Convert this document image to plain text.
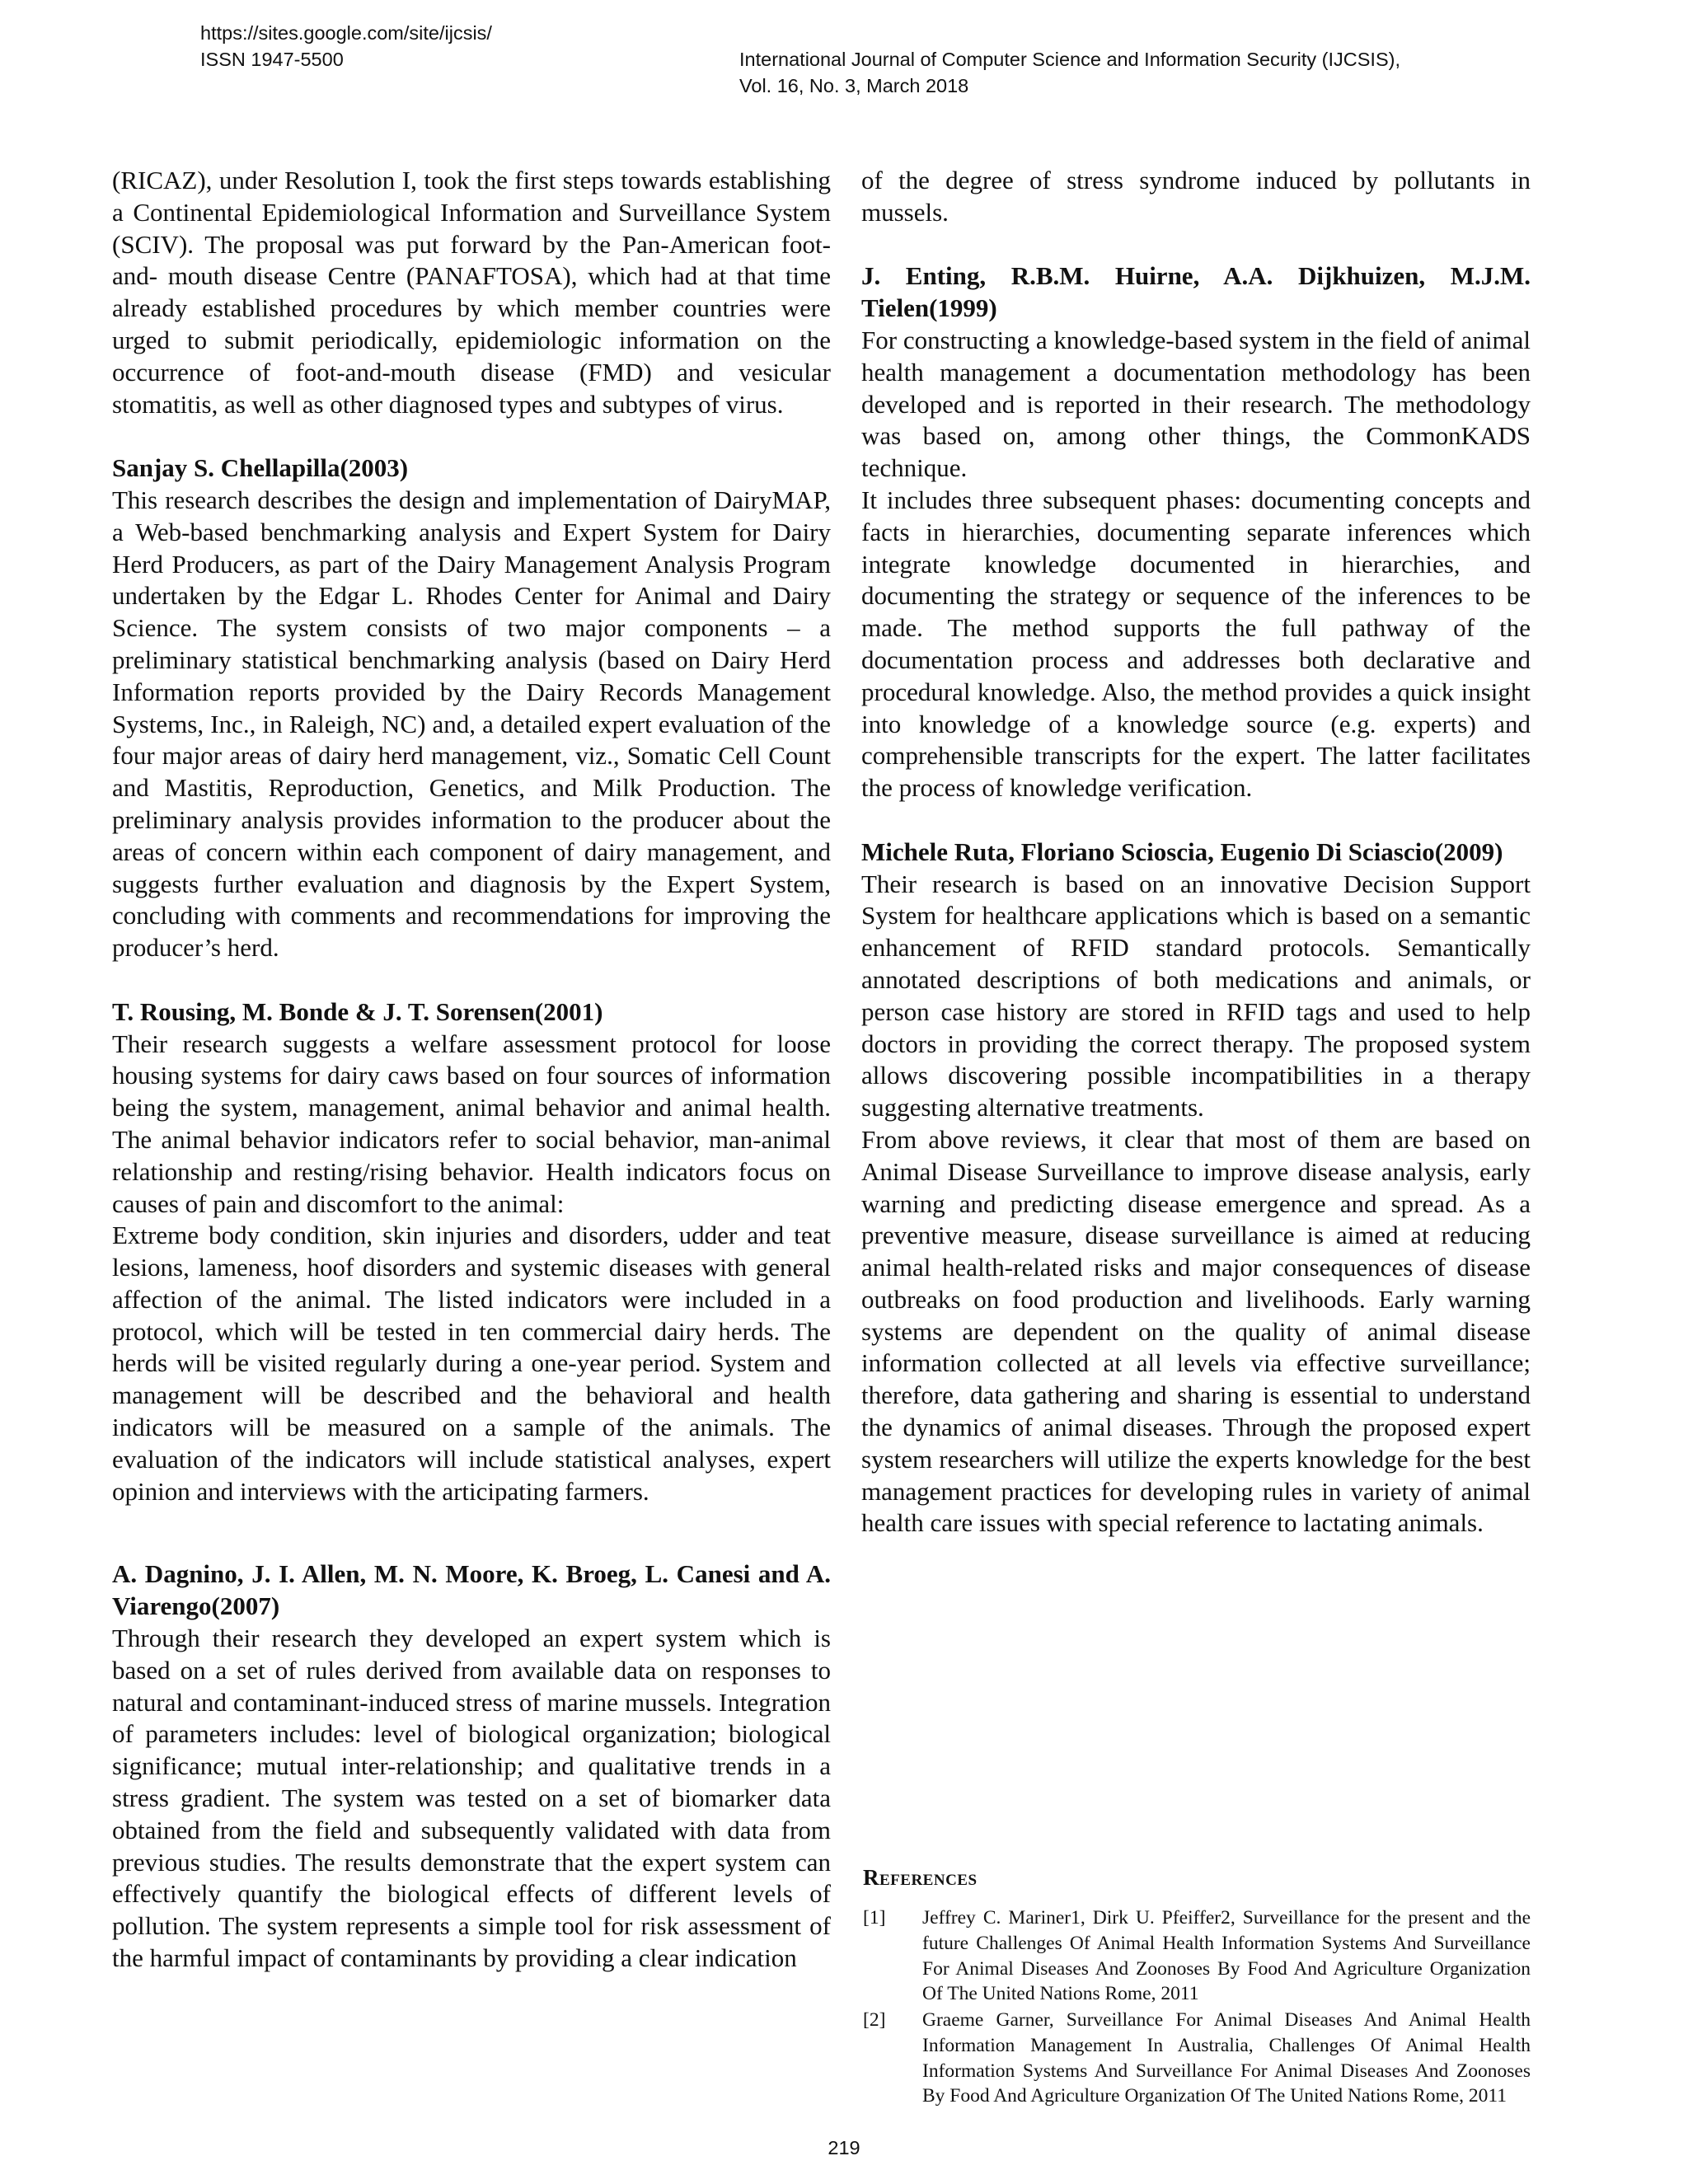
https://sites.google.com/site/ijcsis/
ISSN 1947-5500	International Journal of Computer Science and Information Security (IJCSIS),
Vol. 16, No. 3, March 2018

(RICAZ), under Resolution I, took the first steps towards establishing a Continental Epidemiological Information and Surveillance System (SCIV). The proposal was put forward by the Pan-American foot- and- mouth disease Centre (PANAFTOSA), which had at that time already established procedures by which member countries were urged to submit periodically, epidemiologic information on the occurrence of foot-and-mouth disease (FMD) and vesicular stomatitis, as well as other diagnosed types and subtypes of virus.

Sanjay S. Chellapilla(2003)

This research describes the design and implementation of DairyMAP, a Web-based benchmarking analysis and Expert System for Dairy Herd Producers, as part of the Dairy Management Analysis Program undertaken by the Edgar L. Rhodes Center for Animal and Dairy Science. The system consists of two major components – a preliminary statistical benchmarking analysis (based on Dairy Herd Information reports provided by the Dairy Records Management Systems, Inc., in Raleigh, NC) and, a detailed expert evaluation of the four major areas of dairy herd management, viz., Somatic Cell Count and Mastitis, Reproduction, Genetics, and Milk Production. The preliminary analysis provides information to the producer about the areas of concern within each component of dairy management, and suggests further evaluation and diagnosis by the Expert System, concluding with comments and recommendations for improving the producer’s herd.

T. Rousing, M. Bonde & J. T. Sorensen(2001)

Their research suggests a welfare assessment protocol for loose housing systems for dairy caws based on four sources of information being the system, management, animal behavior and animal health. The animal behavior indicators refer to social behavior, man-animal relationship and resting/rising behavior. Health indicators focus on causes of pain and discomfort to the animal:

Extreme body condition, skin injuries and disorders, udder and teat lesions, lameness, hoof disorders and systemic diseases with general affection of the animal. The listed indicators were included in a protocol, which will be tested in ten commercial dairy herds. The herds will be visited regularly during a one-year period. System and management will be described and the behavioral and health indicators will be measured on a sample of the animals. The evaluation of the indicators will include statistical analyses, expert opinion and interviews with the articipating farmers.

A. Dagnino, J. I. Allen, M. N. Moore, K. Broeg, L. Canesi and A. Viarengo(2007)

Through their research they developed an expert system which is based on a set of rules derived from available data on responses to natural and contaminant-induced stress of marine mussels. Integration of parameters includes: level of biological organization; biological significance; mutual inter-relationship; and qualitative trends in a stress gradient. The system was tested on a set of biomarker data obtained from the field and subsequently validated with data from previous studies. The results demonstrate that the expert system can effectively quantify the biological effects of different levels of pollution. The system represents a simple tool for risk assessment of the harmful impact of contaminants by providing a clear indication

of the degree of stress syndrome induced by pollutants in mussels.

J. Enting, R.B.M. Huirne, A.A. Dijkhuizen, M.J.M. Tielen(1999)

For constructing a knowledge-based system in the field of animal health management a documentation methodology has been developed and is reported in their research. The methodology was based on, among other things, the CommonKADS technique.

It includes three subsequent phases: documenting concepts and facts in hierarchies, documenting separate inferences which integrate knowledge documented in hierarchies, and documenting the strategy or sequence of the inferences to be made. The method supports the full pathway of the documentation process and addresses both declarative and procedural knowledge. Also, the method provides a quick insight into knowledge of a knowledge source (e.g. experts) and comprehensible transcripts for the expert. The latter facilitates the process of knowledge verification.

Michele Ruta, Floriano Scioscia, Eugenio Di Sciascio(2009)

Their research is based on an innovative Decision Support System for healthcare applications which is based on a semantic enhancement of RFID standard protocols. Semantically annotated descriptions of both medications and animals, or person case history are stored in RFID tags and used to help doctors in providing the correct therapy. The proposed system allows discovering possible incompatibilities in a therapy suggesting alternative treatments.

From above reviews, it clear that most of them are based on Animal Disease Surveillance to improve disease analysis, early warning and predicting disease emergence and spread. As a preventive measure, disease surveillance is aimed at reducing animal health-related risks and major consequences of disease outbreaks on food production and livelihoods. Early warning systems are dependent on the quality of animal disease information collected at all levels via effective surveillance; therefore, data gathering and sharing is essential to understand the dynamics of animal diseases. Through the proposed expert system researchers will utilize the experts knowledge for the best management practices for developing rules in variety of animal health care issues with special reference to lactating animals.

References
[1] Jeffrey C. Mariner1, Dirk U. Pfeiffer2, Surveillance for the present and the future Challenges Of Animal Health Information Systems And Surveillance For Animal Diseases And Zoonoses By Food And Agriculture Organization Of The United Nations Rome, 2011
[2] Graeme Garner, Surveillance For Animal Diseases And Animal Health Information Management In Australia, Challenges Of Animal Health Information Systems And Surveillance For Animal Diseases And Zoonoses By Food And Agriculture Organization Of The United Nations Rome, 2011
219
